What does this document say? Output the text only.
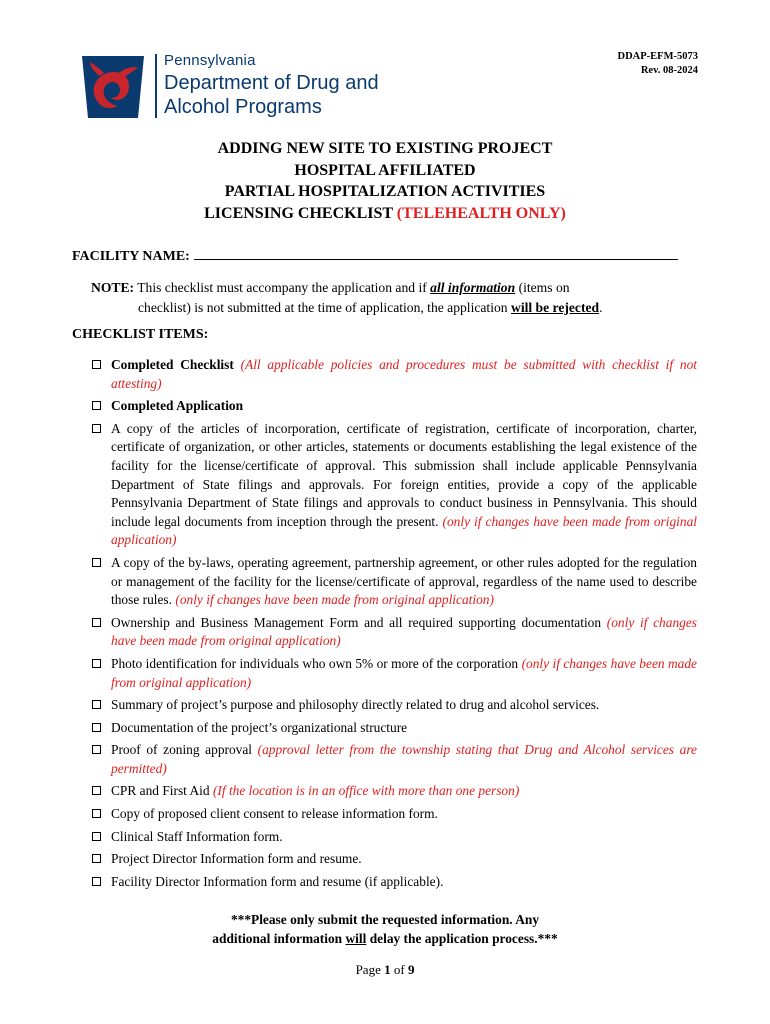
Pennsylvania
Department of Drug and
Alcohol Programs
DDAP-EFM-5073
Rev. 08-2024
ADDING NEW SITE TO EXISTING PROJECT
HOSPITAL AFFILIATED
PARTIAL HOSPITALIZATION ACTIVITIES
LICENSING CHECKLIST (TELEHEALTH ONLY)
FACILITY NAME:
NOTE: This checklist must accompany the application and if all information (items on
checklist) is not submitted at the time of application, the application will be rejected.
CHECKLIST ITEMS:
Completed Checklist (All applicable policies and procedures must be submitted with checklist if not attesting)
Completed Application
A copy of the articles of incorporation, certificate of registration, certificate of incorporation, charter, certificate of organization, or other articles, statements or documents establishing the legal existence of the facility for the license/certificate of approval. This submission shall include applicable Pennsylvania Department of State filings and approvals. For foreign entities, provide a copy of the applicable Pennsylvania Department of State filings and approvals to conduct business in Pennsylvania. This should include legal documents from inception through the present. (only if changes have been made from original application)
A copy of the by-laws, operating agreement, partnership agreement, or other rules adopted for the regulation or management of the facility for the license/certificate of approval, regardless of the name used to describe those rules. (only if changes have been made from original application)
Ownership and Business Management Form and all required supporting documentation (only if changes have been made from original application)
Photo identification for individuals who own 5% or more of the corporation (only if changes have been made from original application)
Summary of project’s purpose and philosophy directly related to drug and alcohol services.
Documentation of the project’s organizational structure
Proof of zoning approval (approval letter from the township stating that Drug and Alcohol services are permitted)
CPR and First Aid (If the location is in an office with more than one person)
Copy of proposed client consent to release information form.
Clinical Staff Information form.
Project Director Information form and resume.
Facility Director Information form and resume (if applicable).
***Please only submit the requested information. Any
additional information will delay the application process.***
Page 1 of 9
